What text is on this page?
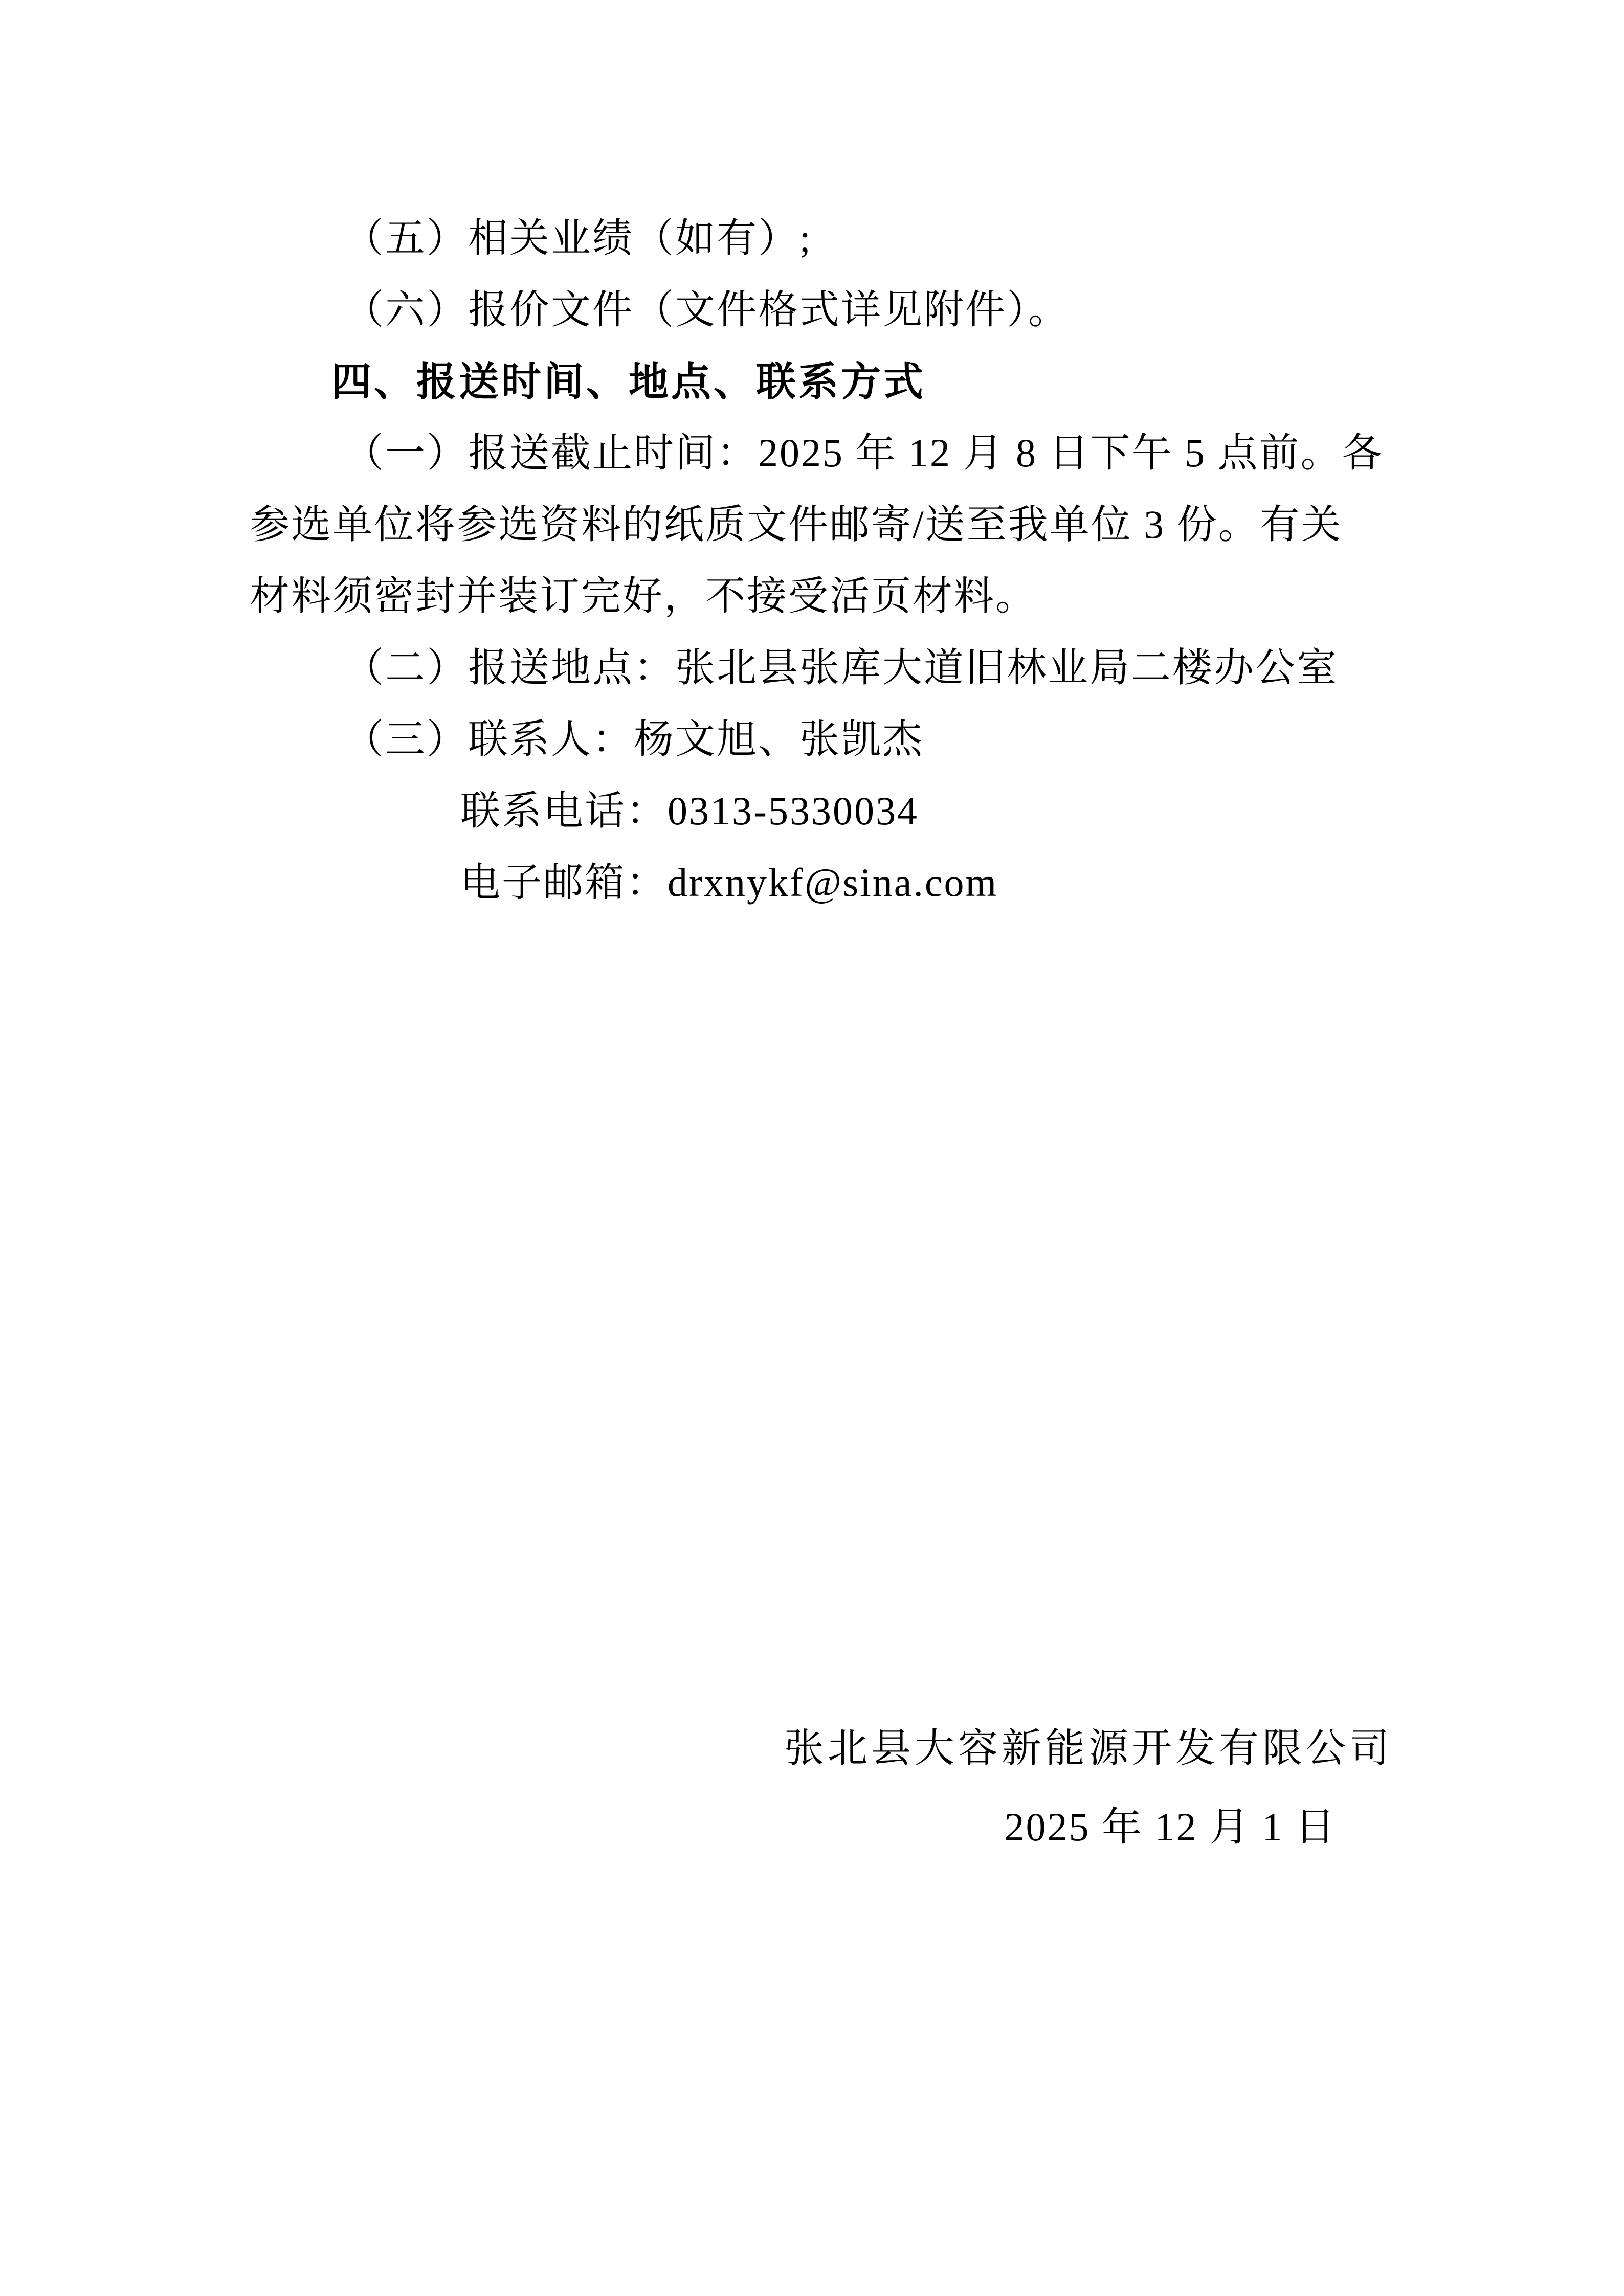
（五）相关业绩（如有）;
（六）报价文件（文件格式详见附件）。
四、报送时间、地点、联系方式
（一）报送截止时间：2025 年 12 月 8 日下午 5 点前。各
参选单位将参选资料的纸质文件邮寄/送至我单位 3 份。有关
材料须密封并装订完好，不接受活页材料。
（二）报送地点：张北县张库大道旧林业局二楼办公室
（三）联系人：杨文旭、张凯杰
联系电话：0313-5330034
电子邮箱：drxnykf@sina.com
张北县大容新能源开发有限公司
2025 年 12 月 1 日
